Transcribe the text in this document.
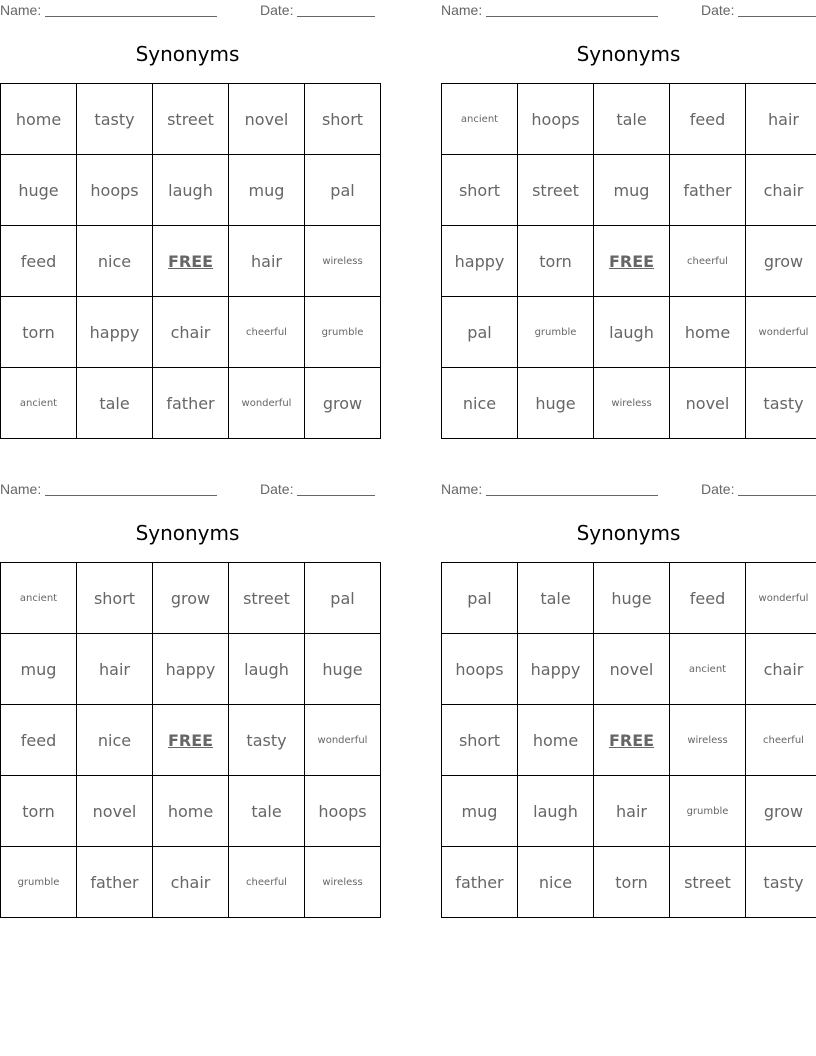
Name:	Date:
Synonyms
home	tasty	street	novel	short
huge	hoops	laugh	mug	pal
feed	nice	FREE	hair	wireless
torn	happy	chair	cheerful	grumble
ancient	tale	father	wonderful	grow
Name:	Date:
Synonyms
ancient	hoops	tale	feed	hair
short	street	mug	father	chair
happy	torn	FREE	cheerful	grow
pal	grumble	laugh	home	wonderful
nice	huge	wireless	novel	tasty
Name:	Date:
Synonyms
ancient	short	grow	street	pal
mug	hair	happy	laugh	huge
feed	nice	FREE	tasty	wonderful
torn	novel	home	tale	hoops
grumble	father	chair	cheerful	wireless
Name:	Date:
Synonyms
pal	tale	huge	feed	wonderful
hoops	happy	novel	ancient	chair
short	home	FREE	wireless	cheerful
mug	laugh	hair	grumble	grow
father	nice	torn	street	tasty
